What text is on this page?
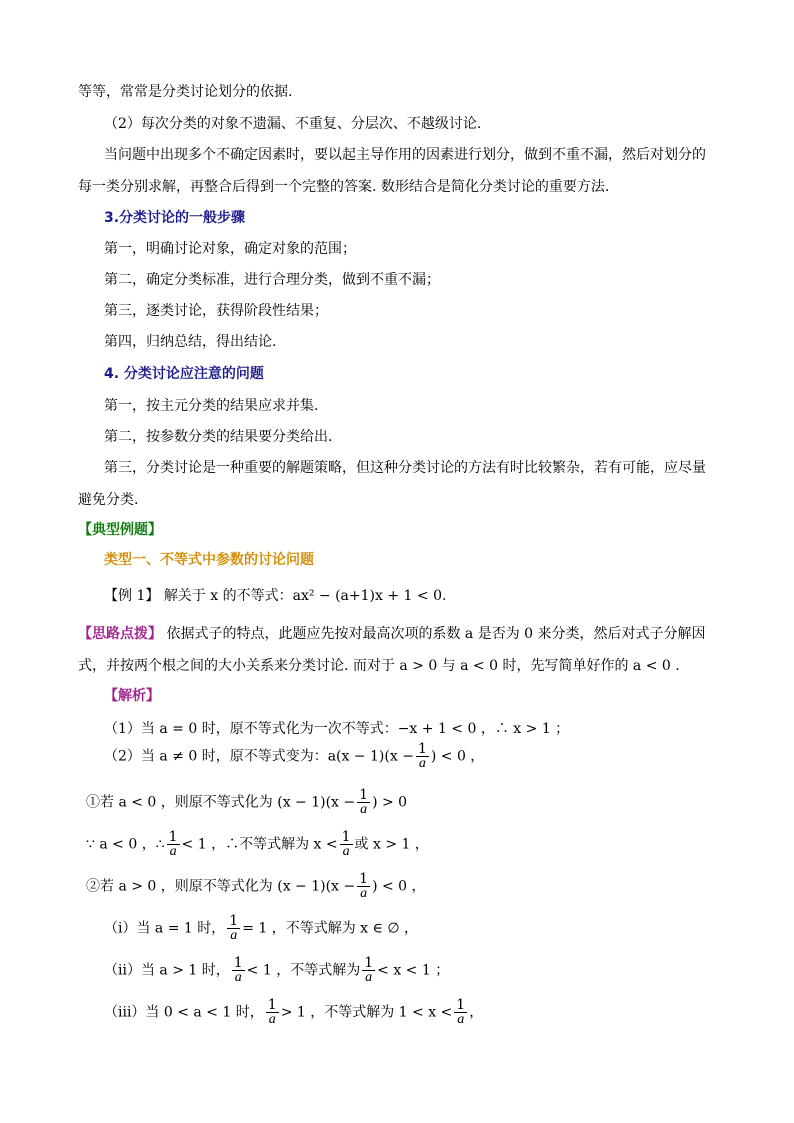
等等，常常是分类讨论划分的依据.
（2）每次分类的对象不遗漏、不重复、分层次、不越级讨论.
当问题中出现多个不确定因素时，要以起主导作用的因素进行划分，做到不重不漏，然后对划分的
每一类分别求解，再整合后得到一个完整的答案. 数形结合是简化分类讨论的重要方法.
3.分类讨论的一般步骤
第一，明确讨论对象，确定对象的范围；
第二，确定分类标准，进行合理分类，做到不重不漏；
第三，逐类讨论，获得阶段性结果；
第四，归纳总结，得出结论.
4. 分类讨论应注意的问题
第一，按主元分类的结果应求并集.
第二，按参数分类的结果要分类给出.
第三，分类讨论是一种重要的解题策略，但这种分类讨论的方法有时比较繁杂，若有可能，应尽量
避免分类.
【典型例题】
类型一、不等式中参数的讨论问题
【例 1】 解关于 x 的不等式：ax² − (a+1)x + 1 < 0.
【思路点拨】 依据式子的特点，此题应先按对最高次项的系数 a 是否为 0 来分类，然后对式子分解因
式，并按两个根之间的大小关系来分类讨论. 而对于 a > 0 与 a < 0 时，先写简单好作的 a < 0 .
【解析】
（1）当 a = 0 时，原不等式化为一次不等式：−x + 1 < 0 ，∴ x > 1 ；
（2）当 a ≠ 0 时，原不等式变为：$a(x - 1)(x - \frac{1}{a}$ ) < 0 ，
①若 a < 0 ，则原不等式化为 $(x - 1)(x - \frac{1}{a}$ ) > 0
∵ a < 0 ，∴ $\frac{1}{a} < 1$ ，∴不等式解为 $x < \frac{1}{a}$ 或 x > 1 ，
②若 a > 0 ，则原不等式化为 $(x - 1)(x - \frac{1}{a}$ ) < 0 ，
（ⅰ）当 a = 1 时， $\frac{1}{a} = 1$ ，不等式解为 x ∈ ∅ ，
（ⅱ）当 a > 1 时， $\frac{1}{a} < 1$ ，不等式解为 $\frac{1}{a} < x < 1$ ；
（ⅲ）当 0 < a < 1 时， $\frac{1}{a} > 1$ ，不等式解为 $1 < x < \frac{1}{a}$ ，
